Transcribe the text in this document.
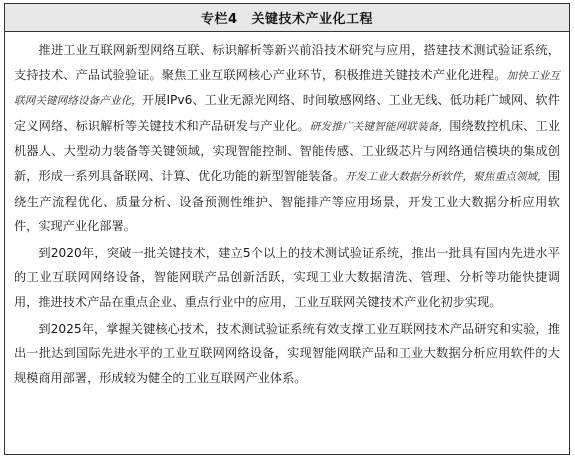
专栏4 关键技术产业化工程

推进工业互联网新型网络互联、标识解析等新兴前沿技术研究与应用，搭建技术测试验证系统，支持技术、产品试验验证。聚焦工业互联网核心产业环节，积极推进关键技术产业化进程。加快工业互联网关键网络设备产业化，开展IPv6、工业无源光网络、时间敏感网络、工业无线、低功耗广域网、软件定义网络、标识解析等关键技术和产品研发与产业化。研发推广关键智能网联装备，围绕数控机床、工业机器人、大型动力装备等关键领域，实现智能控制、智能传感、工业级芯片与网络通信模块的集成创新，形成一系列具备联网、计算、优化功能的新型智能装备。开发工业大数据分析软件，聚焦重点领域，围绕生产流程优化、质量分析、设备预测性维护、智能排产等应用场景，开发工业大数据分析应用软件，实现产业化部署。

到2020年，突破一批关键技术，建立5个以上的技术测试验证系统，推出一批具有国内先进水平的工业互联网网络设备，智能网联产品创新活跃，实现工业大数据清洗、管理、分析等功能快捷调用，推进技术产品在重点企业、重点行业中的应用，工业互联网关键技术产业化初步实现。

到2025年，掌握关键核心技术，技术测试验证系统有效支撑工业互联网技术产品研究和实验，推出一批达到国际先进水平的工业互联网网络设备，实现智能网联产品和工业大数据分析应用软件的大规模商用部署，形成较为健全的工业互联网产业体系。
